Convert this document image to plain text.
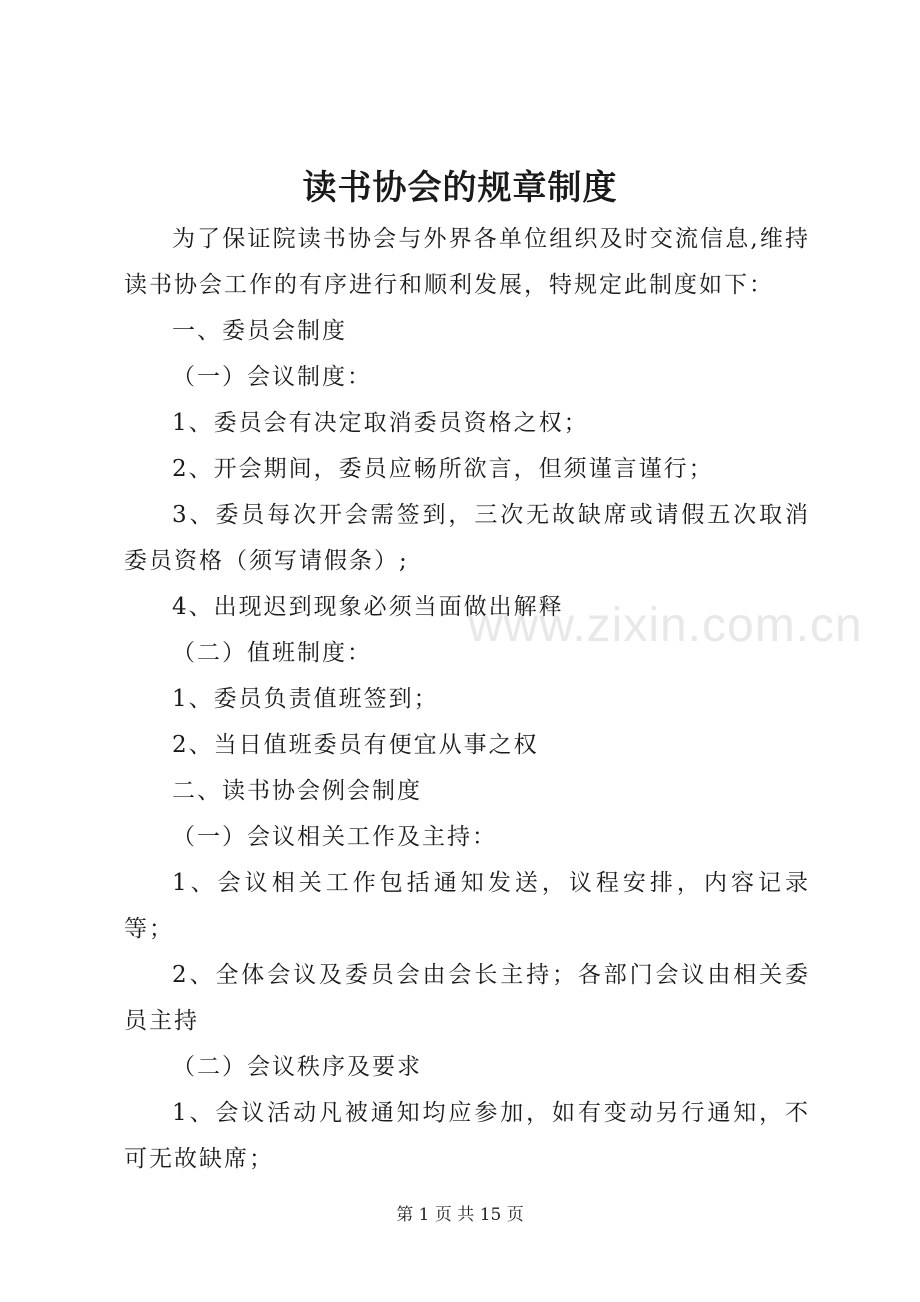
读书协会的规章制度

为了保证院读书协会与外界各单位组织及时交流信息,维持读书协会工作的有序进行和顺利发展，特规定此制度如下：

一、委员会制度

（一）会议制度：

1、委员会有决定取消委员资格之权；

2、开会期间，委员应畅所欲言，但须谨言谨行；

3、委员每次开会需签到，三次无故缺席或请假五次取消委员资格（须写请假条）;

4、出现迟到现象必须当面做出解释

（二）值班制度：

1、委员负责值班签到；

2、当日值班委员有便宜从事之权

二、读书协会例会制度

（一）会议相关工作及主持：

1、会议相关工作包括通知发送，议程安排，内容记录等；

2、全体会议及委员会由会长主持；各部门会议由相关委员主持

（二）会议秩序及要求

1、会议活动凡被通知均应参加，如有变动另行通知，不可无故缺席；

www.zixin.com.cn
第 1 页 共 15 页
